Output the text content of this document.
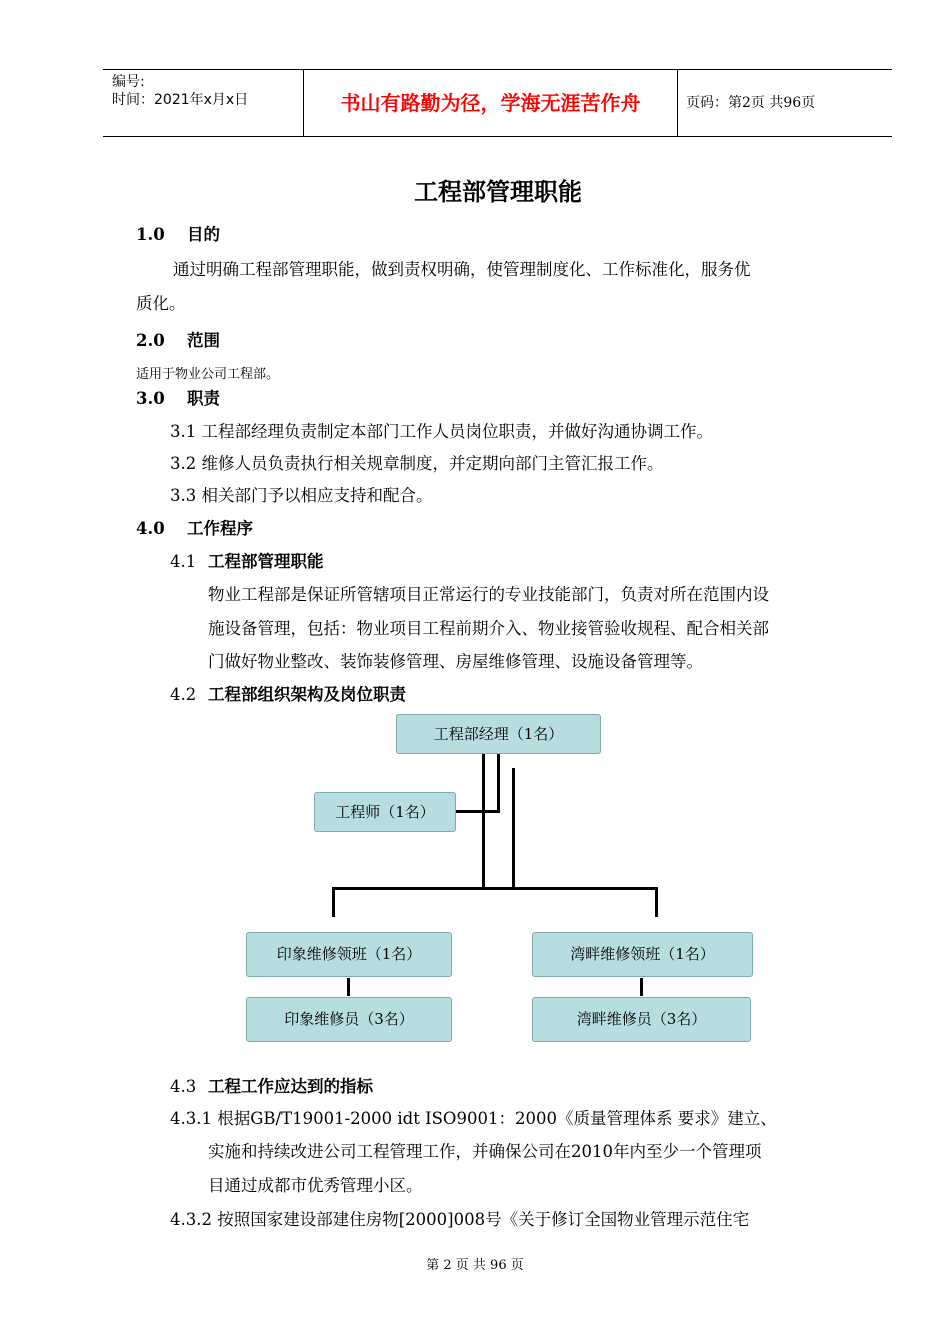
编号:
时间：2021年x月x日	书山有路勤为径，学海无涯苦作舟	页码：第2页 共96页
工程部管理职能
1.0　 目的
通过明确工程部管理职能，做到责权明确，使管理制度化、工作标准化，服务优
质化。
2.0　 范围
适用于物业公司工程部。
3.0　 职责
3.1 工程部经理负责制定本部门工作人员岗位职责，并做好沟通协调工作。
3.2 维修人员负责执行相关规章制度，并定期向部门主管汇报工作。
3.3 相关部门予以相应支持和配合。
4.0　 工作程序
4.1 工程部管理职能
物业工程部是保证所管辖项目正常运行的专业技能部门，负责对所在范围内设
施设备管理，包括：物业项目工程前期介入、物业接管验收规程、配合相关部
门做好物业整改、装饰装修管理、房屋维修管理、设施设备管理等。
4.2 工程部组织架构及岗位职责
工程部经理（1名）
工程师（1名）
印象维修领班（1名）	湾畔维修领班（1名）
印象维修员（3名）	湾畔维修员（3名）
4.3 工程工作应达到的指标
4.3.1 根据GB/T19001-2000 idt ISO9001：2000《质量管理体系 要求》建立、
实施和持续改进公司工程管理工作，并确保公司在2010年内至少一个管理项
目通过成都市优秀管理小区。
4.3.2 按照国家建设部建住房物[2000]008号《关于修订全国物业管理示范住宅
第 2 页 共 96 页
